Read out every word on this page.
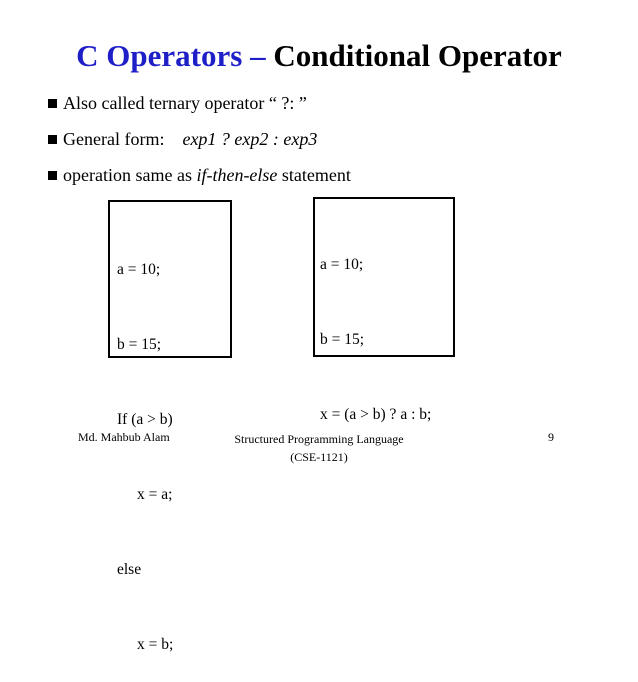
C Operators – Conditional Operator
Also called ternary operator “ ?: ”
General form: exp1 ? exp2 : exp3
operation same as if-then-else statement

a = 10;

b = 15;

If (a > b)

x = a;

else

x = b;

a = 10;

b = 15;

x = (a > b) ? a : b;

Md. Mahbub Alam	Structured Programming Language
(CSE-1121)
9
